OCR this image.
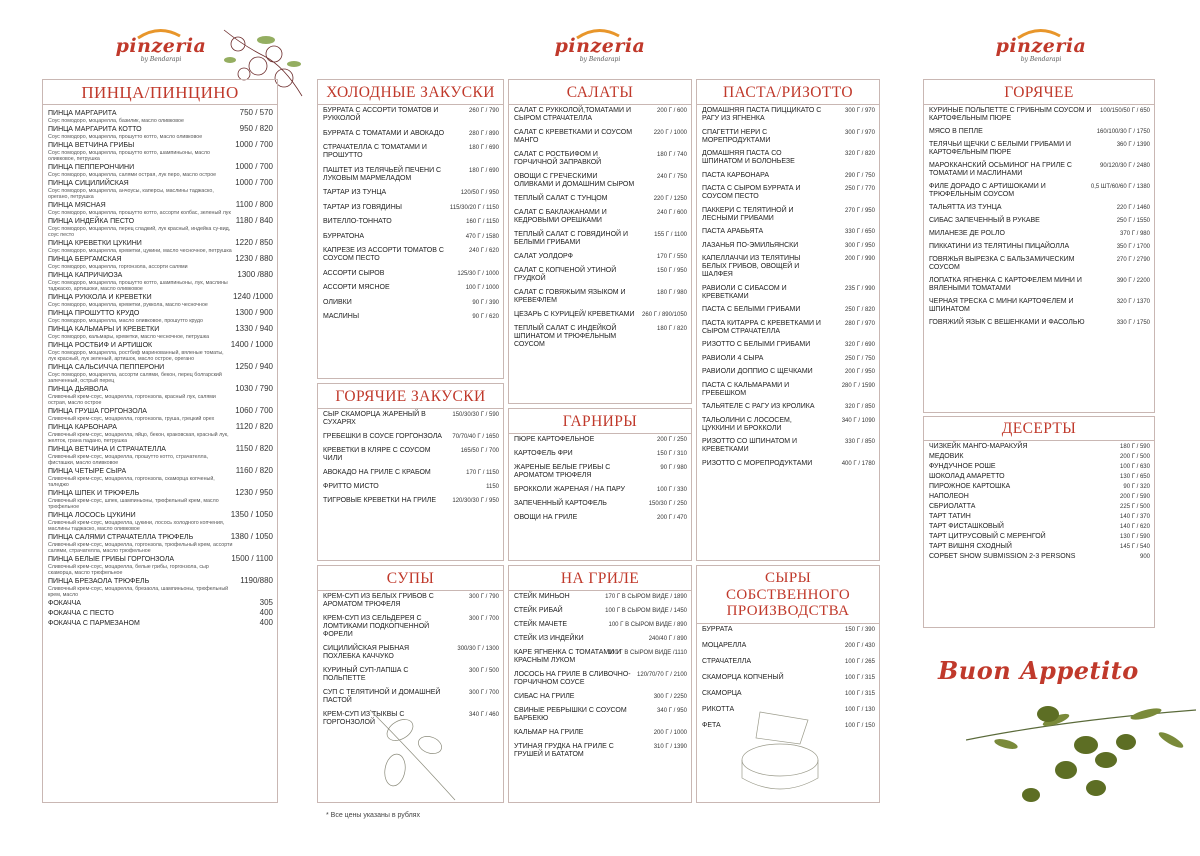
pinzeria
by Bendarapi
pinzeria
by Bendarapi
pinzeria
by Bendarapi
ПИНЦА/ПИНЦИНО
ПИНЦА МАРГАРИТА	750 / 570
Соус помодоро, моцарелла, базилик, масло оливковое
ПИНЦА МАРГАРИТА КОТТО	950 / 820
Соус помодоро, моцарелла, прошутто котто, масло оливковое
ПИНЦА ВЕТЧИНА ГРИБЫ	1000 / 700
Соус помодоро, моцарелла, прошутто котто, шампиньоны, масло оливковое, петрушка
ПИНЦА ПЕППЕРОНЧИНИ	1000 / 700
Соус помодоро, моцарелла, салями острая, лук перо, масло острое
ПИНЦА СИЦИЛИЙСКАЯ	1000 / 700
Соус помодоро, моцарелла, анчоусы, каперсы, маслины таджаско, орегано, петрушка
ПИНЦА МЯСНАЯ	1100 / 800
Соус помодоро, моцарелла, прошутто котто, ассорти колбас, зеленый лук
ПИНЦА ИНДЕЙКА ПЕСТО	1180 / 840
Соус помодоро, моцарелла, перец сладкий, лук красный, индейка су-вид, соус песто
ПИНЦА КРЕВЕТКИ ЦУКИНИ	1220 / 850
Соус помодоро, моцарелла, креветки, цукини, масло чесночное, петрушка
ПИНЦА БЕРГАМСКАЯ	1230 / 880
Соус помодоро, моцарелла, горгонзола, ассорти салями
ПИНЦА КАПРИЧИОЗА	1300 /880
Соус помодоро, моцарелла, прошутто котто, шампиньоны, лук, маслины таджаско, артишоки, масло оливковое
ПИНЦА РУККОЛА И КРЕВЕТКИ	1240 /1000
Соус помодоро, моцарелла, креветки, руккола, масло чесночное
ПИНЦА ПРОШУТТО КРУДО	1300 / 900
Соус помодоро, моцарелла, масло оливковое, прошутто крудо
ПИНЦА КАЛЬМАРЫ И КРЕВЕТКИ	1330 / 940
Соус помодоро, кальмары, креветки, масло чесночное, петрушка
ПИНЦА РОСТБИФ И АРТИШОК	1400 / 1000
Соус помодоро, моцарелла, ростбиф маринованный, вяленые томаты, лук красный, лук зеленый, артишок, масло острое, орегано
ПИНЦА САЛЬСИЧЧА ПЕППЕРОНИ	1250 / 940
Соус помодоро, моцарелла, ассорти салями, бекон, перец болгарский запеченный, острый перец
ПИНЦА ДЬЯВОЛА	1030 / 790
Сливочный крем-соус, моцарелла, горгонзола, красный лук, салями острая, масло острое
ПИНЦА ГРУША ГОРГОНЗОЛА	1060 / 700
Сливочный крем-соус, моцарелла, горгонзола, груша, грецкий орех
ПИНЦА КАРБОНАРА	1120 / 820
Сливочный крем-соус, моцарелла, яйцо, бекон, краковская, красный лук, желток, грана падано, петрушка
ПИНЦА ВЕТЧИНА И СТРАЧАТЕЛЛА	1150 / 820
Сливочный крем-соус, моцарелла, прошутто котто, страчателла, фисташки, масло оливковое
ПИНЦА ЧЕТЫРЕ СЫРА	1160 / 820
Сливочный крем-соус, моцарелла, горгонзола, скаморца копченый, таледжо
ПИНЦА ШПЕК И ТРЮФЕЛЬ	1230 / 950
Сливочный крем-соус, шпек, шампиньоны, трюфельный крем, масло трюфельное
ПИНЦА ЛОСОСЬ ЦУКИНИ	1350 / 1050
Сливочный крем-соус, моцарелла, цукини, лосось холодного копчения, маслины таджаско, масло оливковое
ПИНЦА САЛЯМИ СТРАЧАТЕЛЛА ТРЮФЕЛЬ	1380 / 1050
Сливочный крем-соус, моцарелла, горгонзола, трюфельный крем, ассорти салями, страчателла, масло трюфельное
ПИНЦА БЕЛЫЕ ГРИБЫ ГОРГОНЗОЛА	1500 / 1100
Сливочный крем-соус, моцарелла, белые грибы, горгонзола, сыр скаморца, масло трюфельное
ПИНЦА БРЕЗАОЛА ТРЮФЕЛЬ	1190/880
Сливочный крем-соус, моцарелла, брезаола, шампиньоны, трюфельный крем, масло
ФОКАЧЧА	305
ФОКАЧЧА С ПЕСТО	400
ФОКАЧЧА С ПАРМЕЗАНОМ	400
ХОЛОДНЫЕ ЗАКУСКИ
БУРРАТА С АССОРТИ ТОМАТОВ И РУККОЛОЙ
260 Г / 790
БУРРАТА С ТОМАТАМИ И АВОКАДО	280 Г / 890
СТРАЧАТЕЛЛА С ТОМАТАМИ И ПРОШУТТО
180 Г / 690
ПАШТЕТ ИЗ ТЕЛЯЧЬЕЙ ПЕЧЕНИ С ЛУКОВЫМ МАРМЕЛАДОМ
180 Г / 690
ТАРТАР ИЗ ТУНЦА	120/50 Г / 950
ТАРТАР ИЗ ГОВЯДИНЫ	115/30/20 Г / 1150
ВИТЕЛЛО-ТОННАТО	160 Г / 1150
БУРРАТОНА	470 Г / 1580
КАПРЕЗЕ ИЗ АССОРТИ ТОМАТОВ С СОУСОМ ПЕСТО
240 Г / 620
АССОРТИ СЫРОВ	125/30 Г / 1000
АССОРТИ МЯСНОЕ	100 Г / 1000
ОЛИВКИ	90 Г / 390
МАСЛИНЫ	90 Г / 620
ГОРЯЧИЕ ЗАКУСКИ
СЫР СКАМОРЦА ЖАРЕНЫЙ В СУХАРЯХ
150/30/30 Г / 590
ГРЕБЕШКИ В СОУСЕ ГОРГОНЗОЛА	70/70/40 Г / 1650
КРЕВЕТКИ В КЛЯРЕ С СОУСОМ ЧИЛИ
165/50 Г / 700
АВОКАДО НА ГРИЛЕ С КРАБОМ	170 Г / 1150
ФРИТТО МИСТО	1150
ТИГРОВЫЕ КРЕВЕТКИ НА ГРИЛЕ	120/30/30 Г / 950
СУПЫ
КРЕМ-СУП ИЗ БЕЛЫХ ГРИБОВ С АРОМАТОМ ТРЮФЕЛЯ
300 Г / 790
КРЕМ-СУП ИЗ СЕЛЬДЕРЕЯ С ЛОМТИКАМИ ПОДКОПЧЕННОЙ ФОРЕЛИ
300 Г / 700
СИЦИЛИЙСКАЯ РЫБНАЯ ПОХЛЕБКА КАЧЧУКО
300/30 Г / 1300
КУРИНЫЙ СУП-ЛАПША С ПОЛЬПЕТТЕ
300 Г / 500
СУП С ТЕЛЯТИНОЙ И ДОМАШНЕЙ ПАСТОЙ
300 Г / 700
КРЕМ-СУП ИЗ ТЫКВЫ С ГОРГОНЗОЛОЙ
340 Г / 460
* Все цены указаны в рублях
САЛАТЫ
САЛАТ С РУККОЛОЙ,ТОМАТАМИ И СЫРОМ СТРАЧАТЕЛЛА
200 Г / 600
САЛАТ С КРЕВЕТКАМИ И СОУСОМ МАНГО
220 Г / 1000
САЛАТ С РОСТБИФОМ И ГОРЧИЧНОЙ ЗАПРАВКОЙ
180 Г / 740
ОВОЩИ С ГРЕЧЕСКИМИ ОЛИВКАМИ И ДОМАШНИМ СЫРОМ
240 Г / 750
ТЕПЛЫЙ САЛАТ С ТУНЦОМ	220 Г / 1250
САЛАТ С БАКЛАЖАНАМИ И КЕДРОВЫМИ ОРЕШКАМИ
240 Г / 600
ТЕПЛЫЙ САЛАТ С ГОВЯДИНОЙ И БЕЛЫМИ ГРИБАМИ
155 Г / 1100
САЛАТ УОЛДОРФ	170 Г / 550
САЛАТ С КОПЧЕНОЙ УТИНОЙ ГРУДКОЙ
150 Г / 950
САЛАТ С ГОВЯЖЬИМ ЯЗЫКОМ И КРЕВЕФЛЕМ
180 Г / 980
ЦЕЗАРЬ С КУРИЦЕЙ/ КРЕВЕТКАМИ	260 Г / 890/1050
ТЕПЛЫЙ САЛАТ С ИНДЕЙКОЙ ШПИНАТОМ И ТРЮФЕЛЬНЫМ СОУСОМ
180 Г / 820
ГАРНИРЫ
ПЮРЕ КАРТОФЕЛЬНОЕ	200 Г / 250
КАРТОФЕЛЬ ФРИ	150 Г / 310
ЖАРЕНЫЕ БЕЛЫЕ ГРИБЫ С АРОМАТОМ ТРЮФЕЛЯ
90 Г / 980
БРОККОЛИ ЖАРЕНАЯ / НА ПАРУ	100 Г / 330
ЗАПЕЧЕННЫЙ КАРТОФЕЛЬ	150/30 Г / 250
ОВОЩИ НА ГРИЛЕ	200 Г / 470
НА ГРИЛЕ
СТЕЙК МИНЬОН	170 Г В СЫРОМ ВИДЕ / 1890
СТЕЙК РИБАЙ	100 Г В СЫРОМ ВИДЕ / 1450
СТЕЙК МАЧЕТЕ	100 Г В СЫРОМ ВИДЕ / 890
СТЕЙК ИЗ ИНДЕЙКИ	240/40 Г / 890
КАРЕ ЯГНЕНКА С ТОМАТАМИ И КРАСНЫМ ЛУКОМ
100 Г В СЫРОМ ВИДЕ /1110
ЛОСОСЬ НА ГРИЛЕ В СЛИВОЧНО-ГОРЧИЧНОМ СОУСЕ
120/70/70 Г / 2100
СИБАС НА ГРИЛЕ	300 Г / 2250
СВИНЫЕ РЕБРЫШКИ С СОУСОМ БАРБЕКЮ
340 Г / 950
КАЛЬМАР НА ГРИЛЕ	200 Г / 1000
УТИНАЯ ГРУДКА НА ГРИЛЕ С ГРУШЕЙ И БАТАТОМ
310 Г / 1390
ПАСТА/РИЗОТТО
ДОМАШНЯЯ ПАСТА ПИЦЦИКАТО С РАГУ ИЗ ЯГНЕНКА
300 Г / 970
СПАГЕТТИ НЕРИ С МОРЕПРОДУКТАМИ
300 Г / 970
ДОМАШНЯЯ ПАСТА СО ШПИНАТОМ И БОЛОНЬЕЗЕ
320 Г / 820
ПАСТА КАРБОНАРА	290 Г / 750
ПАСТА С СЫРОМ БУРРАТА И СОУСОМ ПЕСТО
250 Г / 770
ПАККЕРИ С ТЕЛЯТИНОЙ И ЛЕСНЫМИ ГРИБАМИ
270 Г / 950
ПАСТА АРАБЬЯТА	330 Г / 650
ЛАЗАНЬЯ ПО-ЭМИЛЬЯНСКИ	300 Г / 950
КАПЕЛЛАЧЧИ ИЗ ТЕЛЯТИНЫ БЕЛЫХ ГРИБОВ, ОВОЩЕЙ И ШАЛФЕЯ
200 Г / 990
РАВИОЛИ С СИБАСОМ И КРЕВЕТКАМИ
235 Г / 990
ПАСТА С БЕЛЫМИ ГРИБАМИ	250 Г / 820
ПАСТА КИТАРРА С КРЕВЕТКАМИ И СЫРОМ СТРАЧАТЕЛЛА
280 Г / 970
РИЗОТТО С БЕЛЫМИ ГРИБАМИ	320 Г / 690
РАВИОЛИ 4 СЫРА	250 Г / 750
РАВИОЛИ ДОППИО С ЩЕЧКАМИ	200 Г / 950
ПАСТА С КАЛЬМАРАМИ И ГРЕБЕШКОМ
280 Г / 1590
ТАЛЬЯТЕЛЕ С РАГУ ИЗ КРОЛИКА	320 Г / 850
ТАЛЬОЛИНИ С ЛОСОСЕМ, ЦУККИНИ И БРОККОЛИ
340 Г / 1090
РИЗОТТО СО ШПИНАТОМ И КРЕВЕТКАМИ
330 Г / 850
РИЗОТТО С МОРЕПРОДУКТАМИ	400 Г / 1780
СЫРЫ СОБСТВЕННОГО ПРОИЗВОДСТВА
БУРРАТА	150 Г / 390
МОЦАРЕЛЛА	200 Г / 430
СТРАЧАТЕЛЛА	100 Г / 265
СКАМОРЦА КОПЧЕНЫЙ	100 Г / 315
СКАМОРЦА	100 Г / 315
РИКОТТА	100 Г / 130
ФЕТА	100 Г / 150
ГОРЯЧЕЕ
КУРИНЫЕ ПОЛЬПЕТТЕ С ГРИБНЫМ СОУСОМ И КАРТОФЕЛЬНЫМ ПЮРЕ
100/150/50 Г / 650
МЯСО В ПЕПЛЕ	160/100/30 Г / 1750
ТЕЛЯЧЬИ ЩЕЧКИ С БЕЛЫМИ ГРИБАМИ И КАРТОФЕЛЬНЫМ ПЮРЕ
360 Г / 1390
МАРОККАНСКИЙ ОСЬМИНОГ НА ГРИЛЕ С ТОМАТАМИ И МАСЛИНАМИ
90/120/30 Г / 2480
ФИЛЕ ДОРАДО С АРТИШОКАМИ И ТРЮФЕЛЬНЫМ СОУСОМ
0,5 ШТ/60/60 Г / 1380
ТАЛЬЯТТА ИЗ ТУНЦА	220 Г / 1460
СИБАС ЗАПЕЧЕННЫЙ В РУКАВЕ	250 Г / 1550
МИЛАНЕЗЕ ДЕ POLЛО	370 Г / 980
ПИККАТИНИ ИЗ ТЕЛЯТИНЫ ПИЦАЙОЛЛА	350 Г / 1700
ГОВЯЖЬЯ ВЫРЕЗКА С БАЛЬЗАМИЧЕСКИМ СОУСОМ
270 Г / 2790
ЛОПАТКА ЯГНЕНКА С КАРТОФЕЛЕМ МИНИ И ВЯЛЕНЫМИ ТОМАТАМИ
390 Г / 2200
ЧЕРНАЯ ТРЕСКА С МИНИ КАРТОФЕЛЕМ И ШПИНАТОМ
320 Г / 1370
ГОВЯЖИЙ ЯЗЫК С ВЕШЕНКАМИ И ФАСОЛЬЮ	330 Г / 1750
ДЕСЕРТЫ
ЧИЗКЕЙК МАНГО-МАРАКУЙЯ	180 Г / 590
МЕДОВИК	200 Г / 500
ФУНДУЧНОЕ РОШЕ	100 Г / 630
ШОКОЛАД АМАРЕТТО	130 Г / 650
ПИРОЖНОЕ КАРТОШКА	90 Г / 320
НАПОЛЕОН	200 Г / 590
СБРИОЛАТТА	225 Г / 500
ТАРТ ТАТИН	140 Г / 370
ТАРТ ФИСТАШКОВЫЙ	140 Г / 620
ТАРТ ЦИТРУСОВЫЙ С МЕРЕНГОЙ	130 Г / 590
ТАРТ ВИШНЯ СХОДНЫЙ	145 Г / 540
СОРБЕТ SHOW SUBMISSION 2-3 PERSONS	900
Buon Appetito
